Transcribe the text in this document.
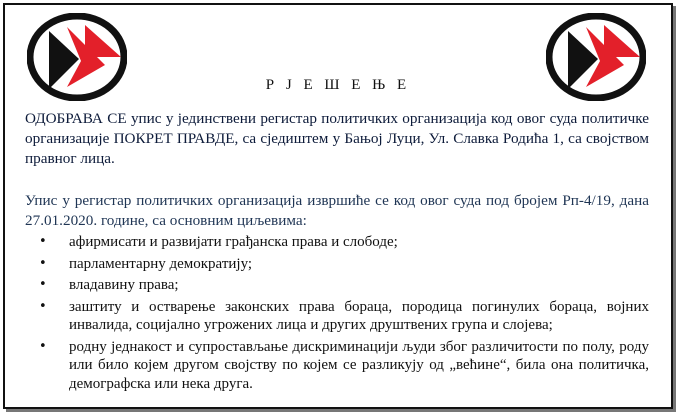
Р Ј Е Ш Е Њ Е
ОДОБРАВА СЕ упис у јединствени регистар политичких организација код овог суда политичке организације ПОКРЕТ ПРАВДЕ, са сједиштем у Бањој Луци, Ул. Славка Родића 1, са својством правног лица.
Упис у регистар политичких организација извршиће се код овог суда под бројем Рп-4/19, дана 27.01.2020. године, са основним циљевима:
• афирмисати и развијати грађанска права и слободе;
• парламентарну демократију;
• владавину права;
• заштиту и остварење законских права бораца, породица погинулих бораца, војних инвалида, социјално угрожених лица и других друштвених група и слојева;
• родну једнакост и супростављање дискриминацији људи због различитости по полу, роду или било којем другом својству по којем се разликују од „већине“, била она политичка, демографска или нека друга.
